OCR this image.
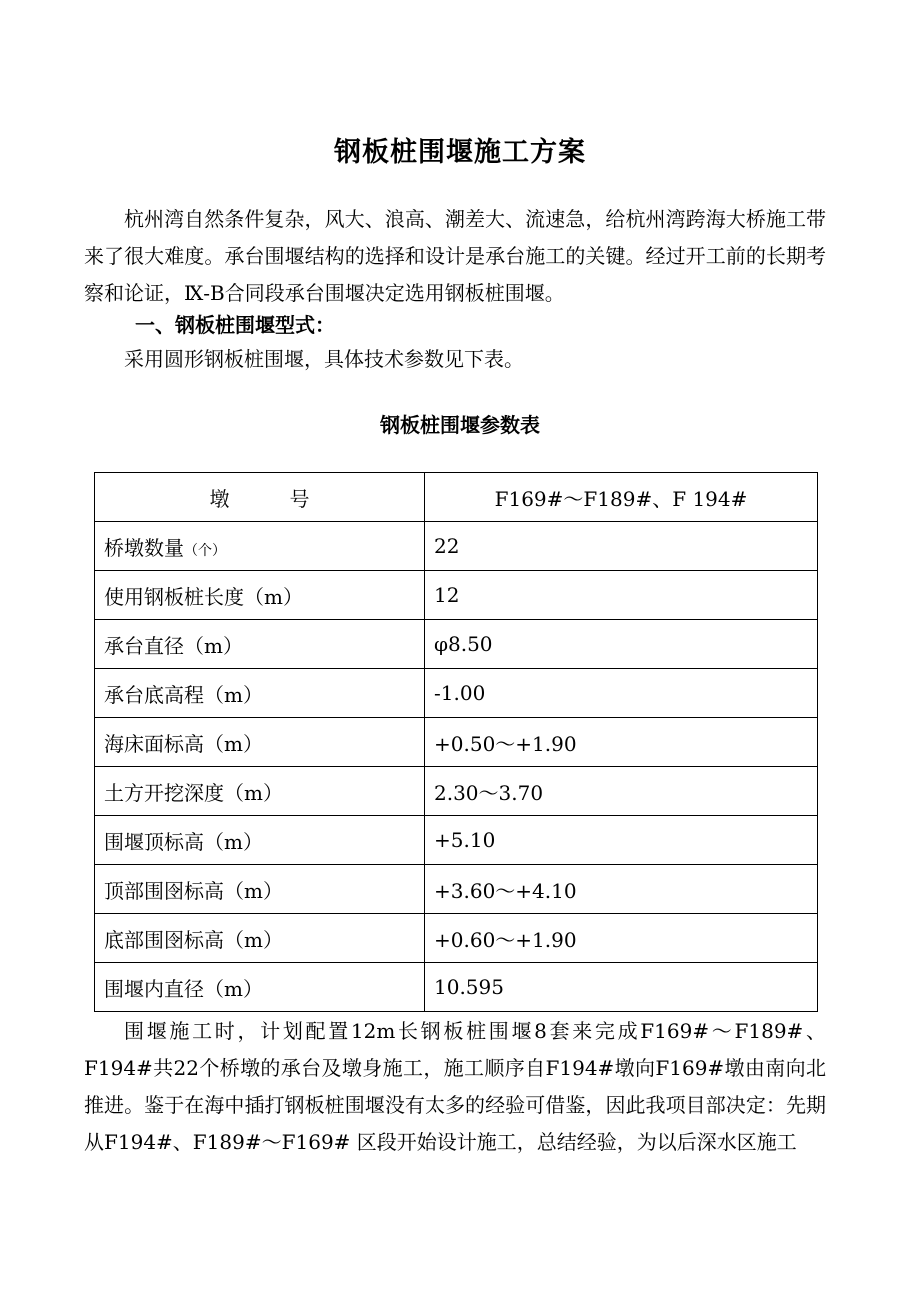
钢板桩围堰施工方案

杭州湾自然条件复杂，风大、浪高、潮差大、流速急，给杭州湾跨海大桥施工带来了很大难度。承台围堰结构的选择和设计是承台施工的关键。经过开工前的长期考察和论证，Ⅸ-B合同段承台围堰决定选用钢板桩围堰。

一、钢板桩围堰型式：

采用圆形钢板桩围堰，具体技术参数见下表。

钢板桩围堰参数表
墩　　　号	F169#～F189#、F 194#
桥墩数量（个）	22
使用钢板桩长度（m）	12
承台直径（m）	φ8.50
承台底高程（m）	-1.00
海床面标高（m）	+0.50～+1.90
土方开挖深度（m）	2.30～3.70
围堰顶标高（m）	+5.10
顶部围囹标高（m）	+3.60～+4.10
底部围囹标高（m）	+0.60～+1.90
围堰内直径（m）	10.595

围堰施工时，计划配置12m长钢板桩围堰8套来完成F169#～F189#、F194#共22个桥墩的承台及墩身施工，施工顺序自F194#墩向F169#墩由南向北推进。鉴于在海中插打钢板桩围堰没有太多的经验可借鉴，因此我项目部决定：先期从F194#、F189#～F169# 区段开始设计施工，总结经验，为以后深水区施工
